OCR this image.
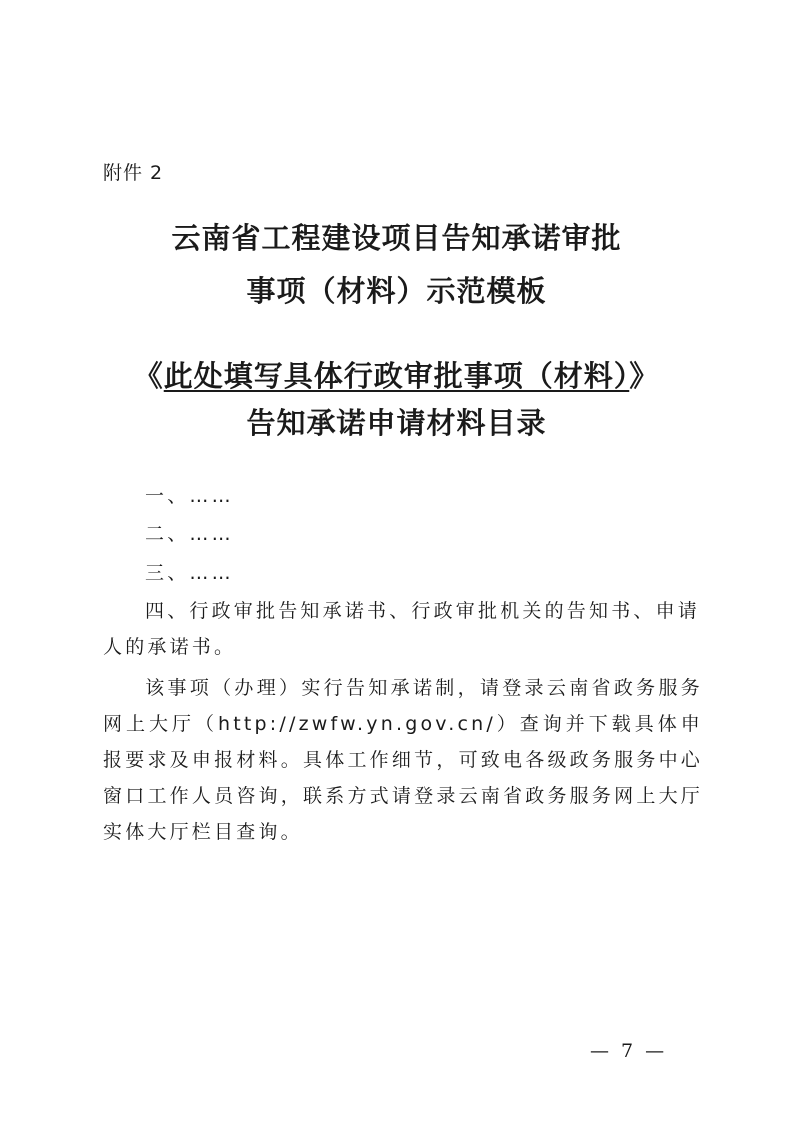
附件 2
云南省工程建设项目告知承诺审批
事项（材料）示范模板
《此处填写具体行政审批事项（材料）》
告知承诺申请材料目录
一、……
二、……
三、……
四、行政审批告知承诺书、行政审批机关的告知书、申请人的承诺书。
该事项（办理）实行告知承诺制，请登录云南省政务服务网上大厅（http://zwfw.yn.gov.cn/）查询并下载具体申报要求及申报材料。具体工作细节，可致电各级政务服务中心窗口工作人员咨询，联系方式请登录云南省政务服务网上大厅实体大厅栏目查询。
— 7 —
